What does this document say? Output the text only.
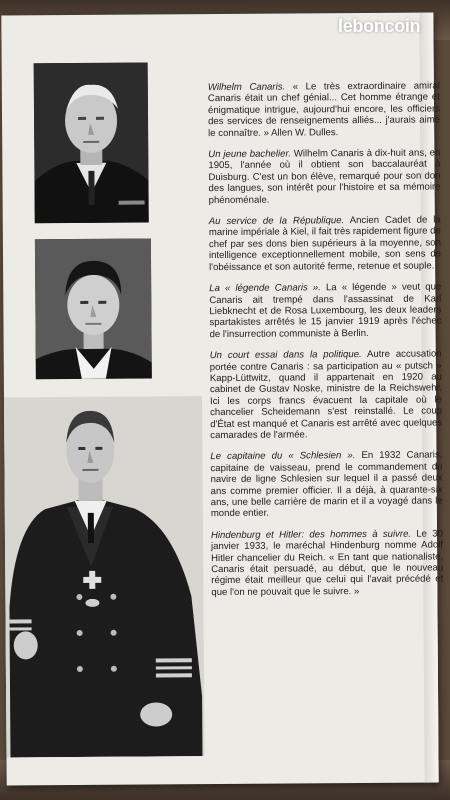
Wilhelm Canaris. « Le très extraordinaire amiral Canaris était un chef génial... Cet homme étrange et énigmatique intrigue, aujourd'hui encore, les officiers des services de renseignements alliés... j'aurais aimé le connaître. » Allen W. Dulles.

Un jeune bachelier. Wilhelm Canaris à dix-huit ans, en 1905, l'année où il obtient son baccalauréat à Duisburg. C'est un bon élève, remarqué pour son don des langues, son intérêt pour l'histoire et sa mémoire phénoménale.

Au service de la République. Ancien Cadet de la marine impériale à Kiel, il fait très rapidement figure de chef par ses dons bien supérieurs à la moyenne, son intelligence exceptionnellement mobile, son sens de l'obéissance et son autorité ferme, retenue et souple.

La « légende Canaris ». La « légende » veut que Canaris ait trempé dans l'assassinat de Karl Liebknecht et de Rosa Luxembourg, les deux leaders spartakistes arrêtés le 15 janvier 1919 après l'échec de l'insurrection communiste à Berlin.

Un court essai dans la politique. Autre accusation portée contre Canaris : sa participation au « putsch » Kapp-Lüttwitz, quand il appartenait en 1920 au cabinet de Gustav Noske, ministre de la Reichswehr. Ici les corps francs évacuent la capitale où le chancelier Scheidemann s'est reinstallé. Le coup d'État est manqué et Canaris est arrêté avec quelques camarades de l'armée.

Le capitaine du « Schlesien ». En 1932 Canaris, capitaine de vaisseau, prend le commandement du navire de ligne Schlesien sur lequel il a passé deux ans comme premier officier. Il a déjà, à quarante-six ans, une belle carrière de marin et il a voyagé dans le monde entier.

Hindenburg et Hitler: des hommes à suivre. Le 30 janvier 1933, le maréchal Hindenburg nomme Adolf Hitler chancelier du Reich. « En tant que nationaliste, Canaris était persuadé, au début, que le nouveau régime était meilleur que celui qui l'avait précédé et que l'on ne pouvait que le suivre. »

leboncoin
